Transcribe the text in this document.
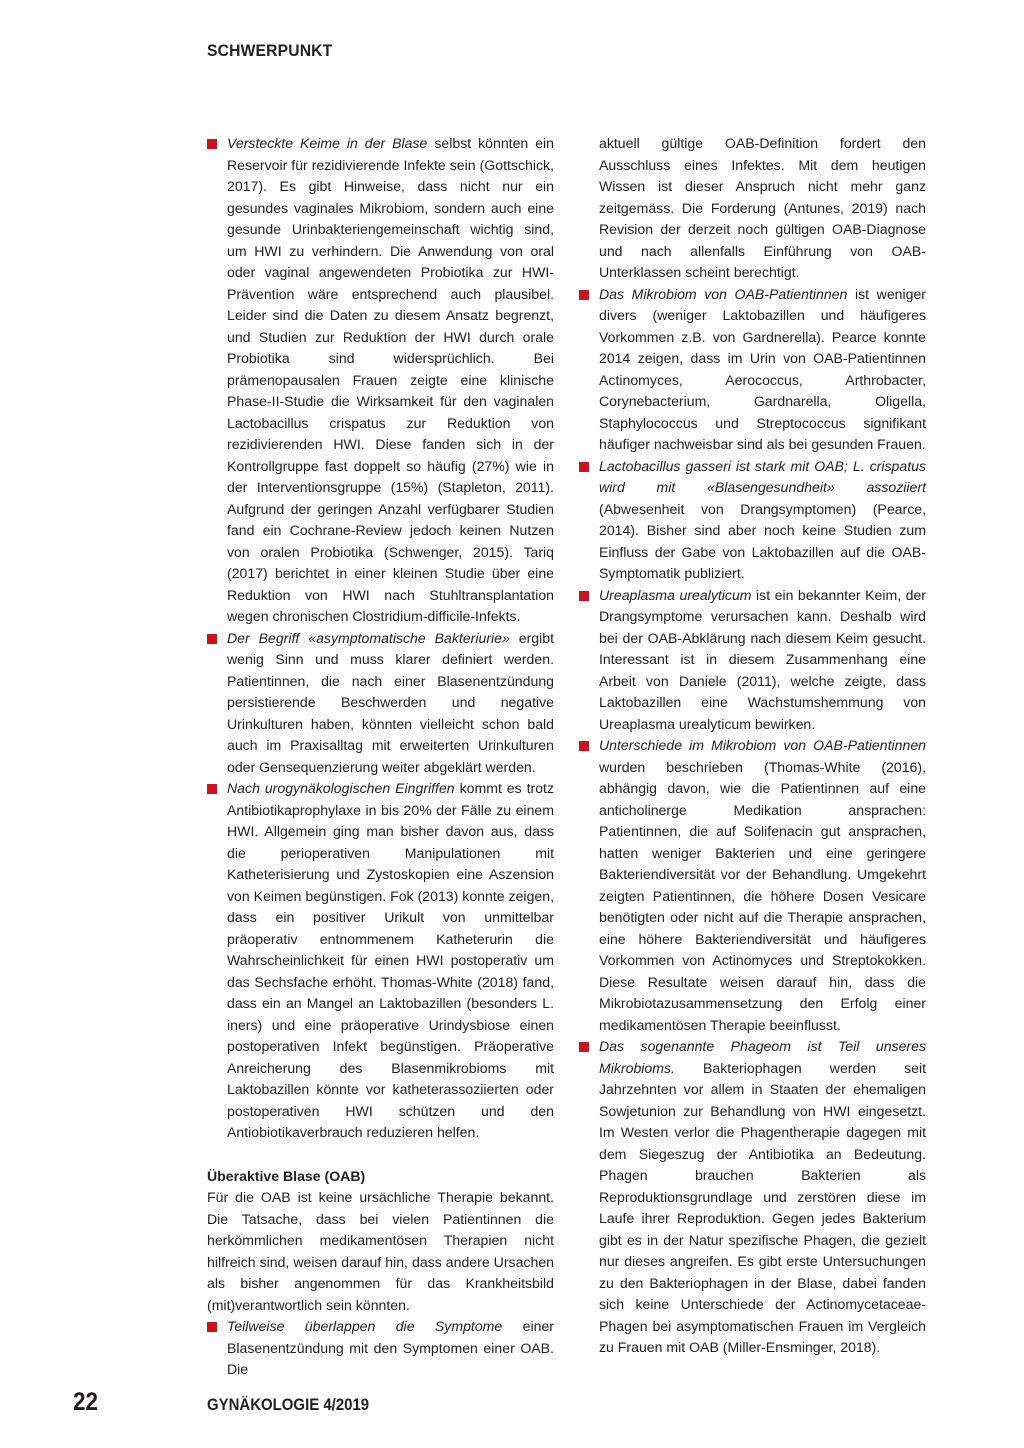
SCHWERPUNKT

Versteckte Keime in der Blase selbst könnten ein Reservoir für rezidivierende Infekte sein (Gottschick, 2017). Es gibt Hinweise, dass nicht nur ein gesundes vaginales Mikrobiom, sondern auch eine gesunde Urinbakteriengemeinschaft wichtig sind, um HWI zu verhindern. Die Anwendung von oral oder vaginal angewendeten Probiotika zur HWI-Prävention wäre entsprechend auch plausibel. Leider sind die Daten zu diesem Ansatz begrenzt, und Studien zur Reduktion der HWI durch orale Probiotika sind widersprüchlich. Bei prämenopausalen Frauen zeigte eine klinische Phase-II-Studie die Wirksamkeit für den vaginalen Lactobacillus crispatus zur Reduktion von rezidivierenden HWI. Diese fanden sich in der Kontrollgruppe fast doppelt so häufig (27%) wie in der Interventionsgruppe (15%) (Stapleton, 2011). Aufgrund der geringen Anzahl verfügbarer Studien fand ein Cochrane-Review jedoch keinen Nutzen von oralen Probiotika (Schwenger, 2015). Tariq (2017) berichtet in einer kleinen Studie über eine Reduktion von HWI nach Stuhltransplantation wegen chronischen Clostridium-difficile-Infekts.

Der Begriff «asymptomatische Bakteriurie» ergibt wenig Sinn und muss klarer definiert werden. Patientinnen, die nach einer Blasenentzündung persistierende Beschwerden und negative Urinkulturen haben, könnten vielleicht schon bald auch im Praxisalltag mit erweiterten Urinkulturen oder Gensequenzierung weiter abgeklärt werden.

Nach urogynäkologischen Eingriffen kommt es trotz Antibiotikaprophylaxe in bis 20% der Fälle zu einem HWI. Allgemein ging man bisher davon aus, dass die perioperativen Manipulationen mit Katheterisierung und Zystoskopien eine Aszension von Keimen begünstigen. Fok (2013) konnte zeigen, dass ein positiver Urikult von unmittelbar präoperativ entnommenem Katheterurin die Wahrscheinlichkeit für einen HWI postoperativ um das Sechsfache erhöht. Thomas-White (2018) fand, dass ein an Mangel an Laktobazillen (besonders L. iners) und eine präoperative Urindysbiose einen postoperativen Infekt begünstigen. Präoperative Anreicherung des Blasenmikrobioms mit Laktobazillen könnte vor katheterassoziierten oder postoperativen HWI schützen und den Antiobiotikaverbrauch reduzieren helfen.

Überaktive Blase (OAB)

Für die OAB ist keine ursächliche Therapie bekannt. Die Tatsache, dass bei vielen Patientinnen die herkömmlichen medikamentösen Therapien nicht hilfreich sind, weisen darauf hin, dass andere Ursachen als bisher angenommen für das Krankheitsbild (mit)verantwortlich sein könnten.

Teilweise überlappen die Symptome einer Blasenentzündung mit den Symptomen einer OAB. Die

aktuell gültige OAB-Definition fordert den Ausschluss eines Infektes. Mit dem heutigen Wissen ist dieser Anspruch nicht mehr ganz zeitgemäss. Die Forderung (Antunes, 2019) nach Revision der derzeit noch gültigen OAB-Diagnose und nach allenfalls Einführung von OAB-Unterklassen scheint berechtigt.

Das Mikrobiom von OAB-Patientinnen ist weniger divers (weniger Laktobazillen und häufigeres Vorkommen z.B. von Gardnerella). Pearce konnte 2014 zeigen, dass im Urin von OAB-Patientinnen Actinomyces, Aerococcus, Arthrobacter, Corynebacterium, Gardnarella, Oligella, Staphylococcus und Streptococcus signifikant häufiger nachweisbar sind als bei gesunden Frauen.

Lactobacillus gasseri ist stark mit OAB; L. crispatus wird mit «Blasengesundheit» assoziiert (Abwesenheit von Drangsymptomen) (Pearce, 2014). Bisher sind aber noch keine Studien zum Einfluss der Gabe von Laktobazillen auf die OAB-Symptomatik publiziert.

Ureaplasma urealyticum ist ein bekannter Keim, der Drangsymptome verursachen kann. Deshalb wird bei der OAB-Abklärung nach diesem Keim gesucht. Interessant ist in diesem Zusammenhang eine Arbeit von Daniele (2011), welche zeigte, dass Laktobazillen eine Wachstumshemmung von Ureaplasma urealyticum bewirken.

Unterschiede im Mikrobiom von OAB-Patientinnen wurden beschrieben (Thomas-White (2016), abhängig davon, wie die Patientinnen auf eine anticholinerge Medikation ansprachen: Patientinnen, die auf Solifenacin gut ansprachen, hatten weniger Bakterien und eine geringere Bakteriendiversität vor der Behandlung. Umgekehrt zeigten Patientinnen, die höhere Dosen Vesicare benötigten oder nicht auf die Therapie ansprachen, eine höhere Bakteriendiversität und häufigeres Vorkommen von Actinomyces und Streptokokken. Diese Resultate weisen darauf hin, dass die Mikrobiotazusammensetzung den Erfolg einer medikamentösen Therapie beeinflusst.

Das sogenannte Phageom ist Teil unseres Mikrobioms. Bakteriophagen werden seit Jahrzehnten vor allem in Staaten der ehemaligen Sowjetunion zur Behandlung von HWI eingesetzt. Im Westen verlor die Phagentherapie dagegen mit dem Siegeszug der Antibiotika an Bedeutung. Phagen brauchen Bakterien als Reproduktionsgrundlage und zerstören diese im Laufe ihrer Reproduktion. Gegen jedes Bakterium gibt es in der Natur spezifische Phagen, die gezielt nur dieses angreifen. Es gibt erste Untersuchungen zu den Bakteriophagen in der Blase, dabei fanden sich keine Unterschiede der Actinomycetaceae-Phagen bei asymptomatischen Frauen im Vergleich zu Frauen mit OAB (Miller-Ensminger, 2018).

22	GYNÄKOLOGIE 4/2019
